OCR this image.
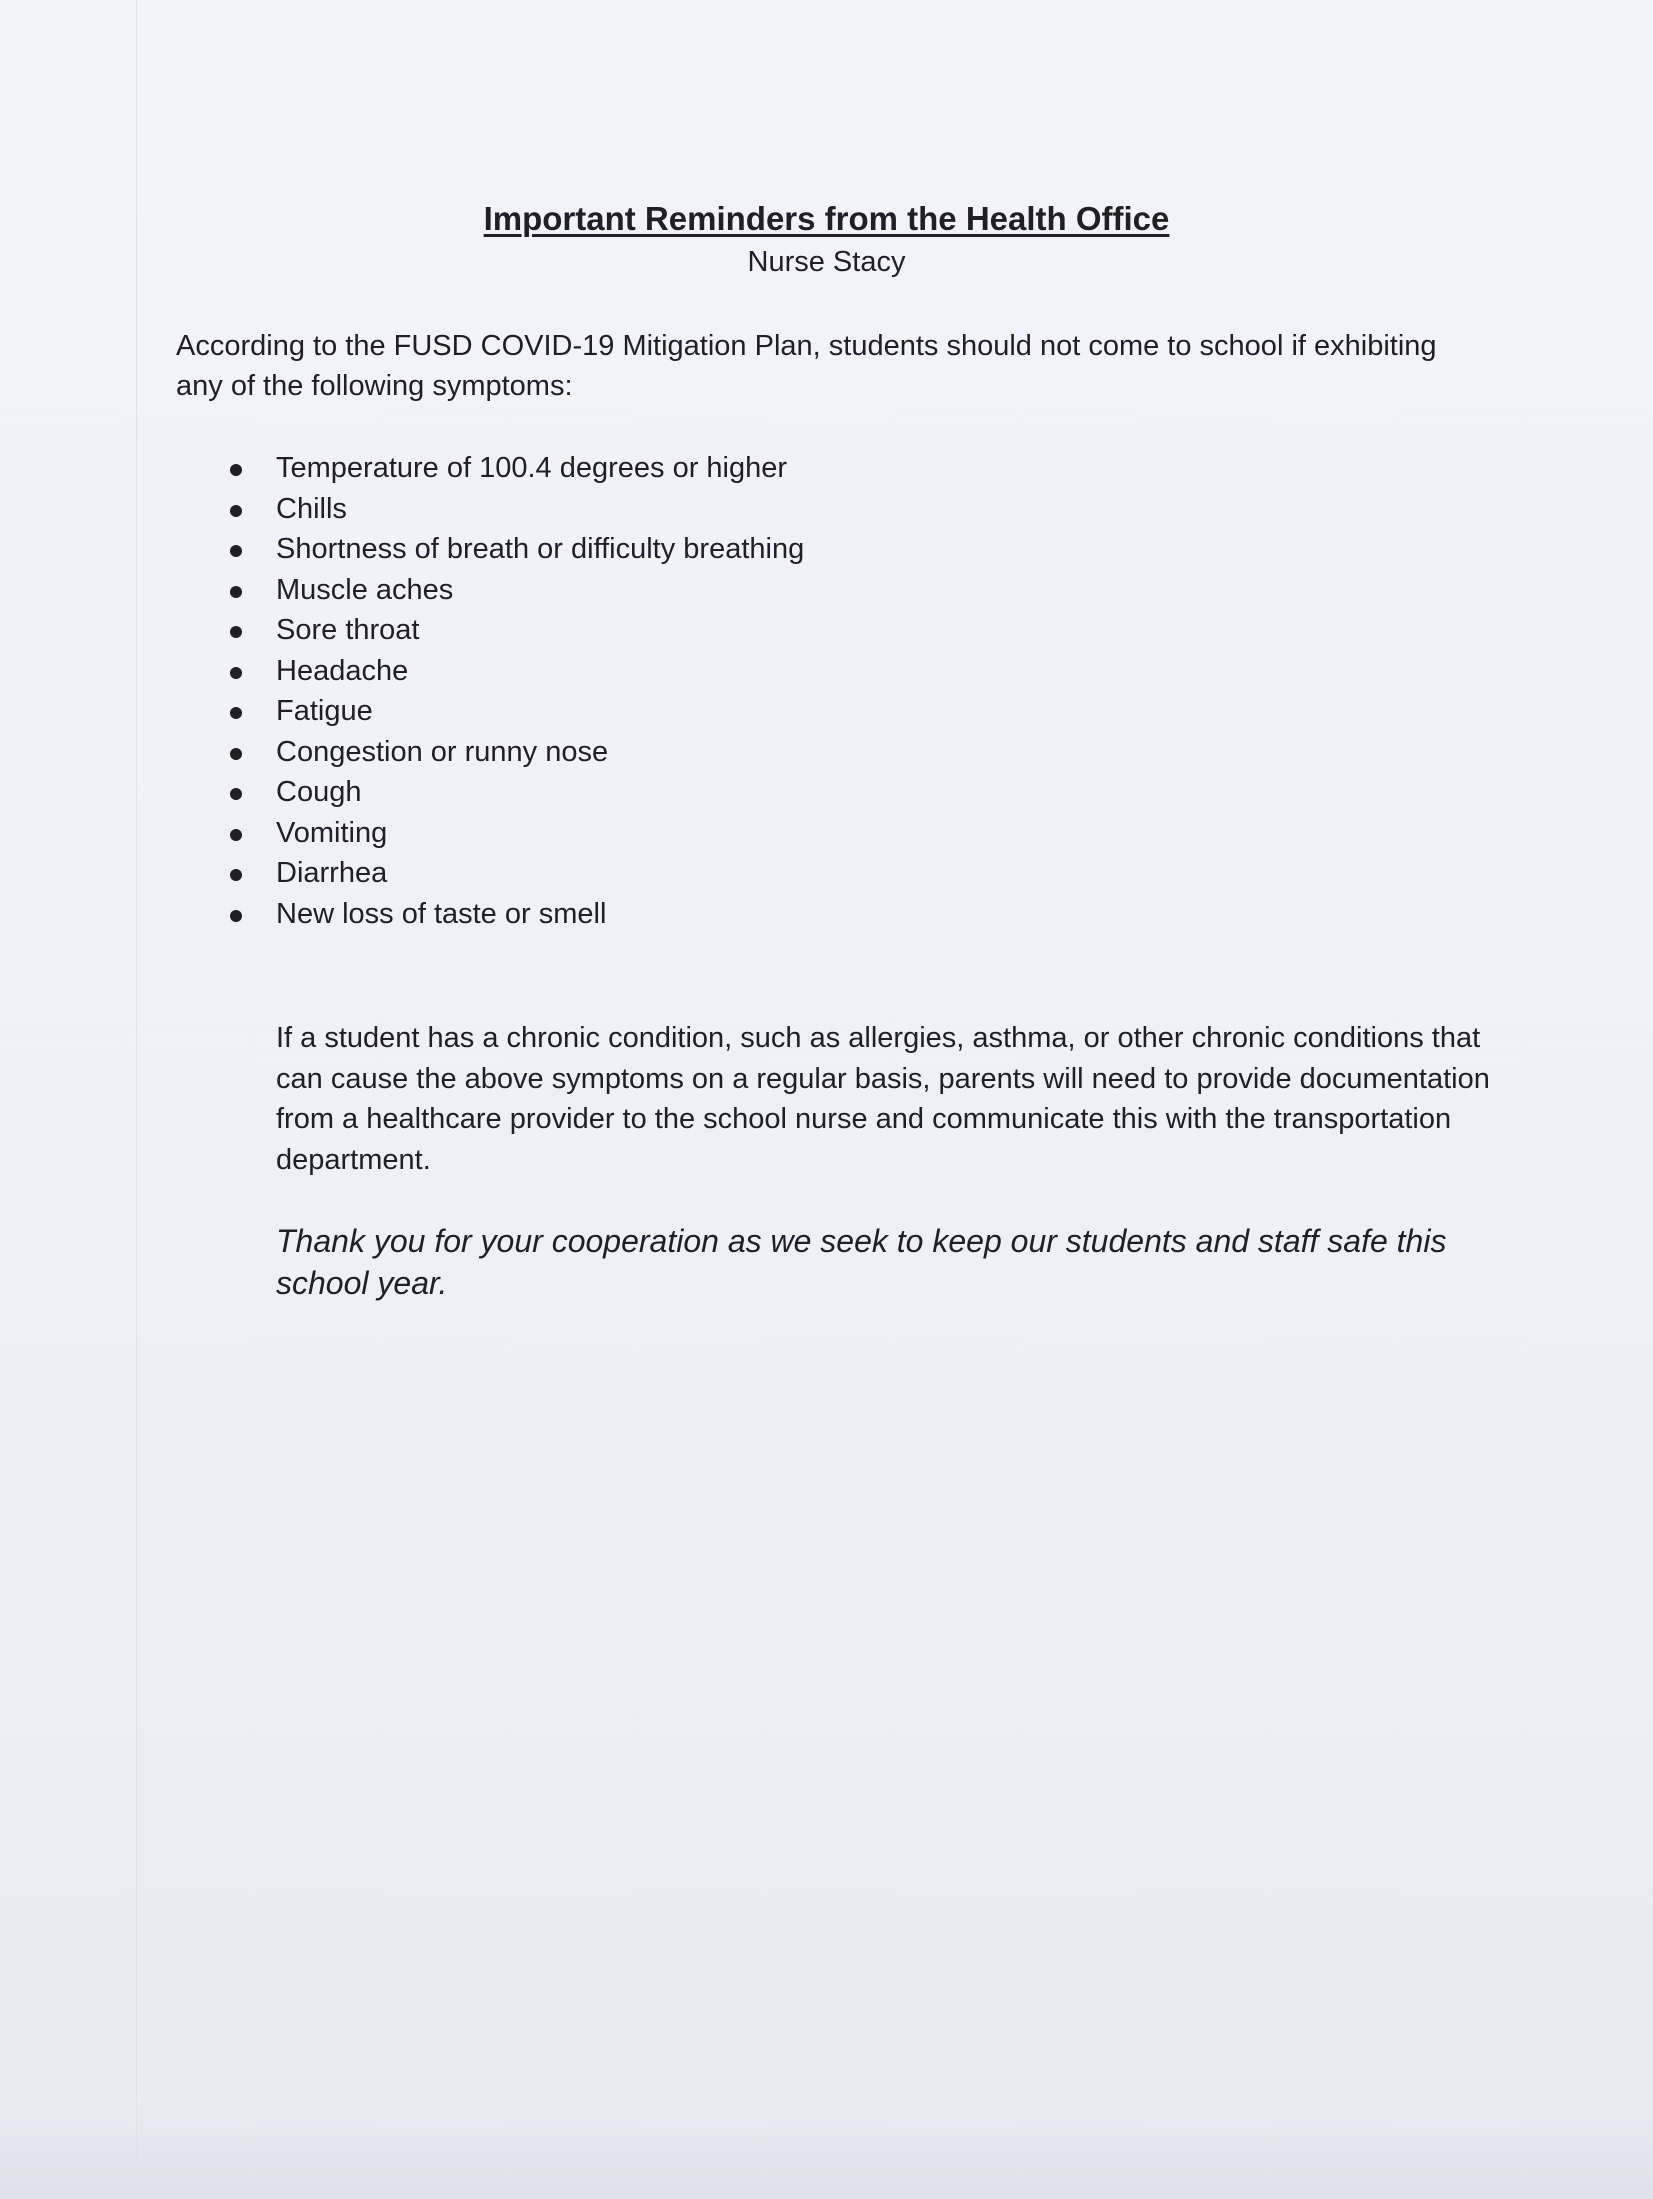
Important Reminders from the Health Office

Nurse Stacy

According to the FUSD COVID-19 Mitigation Plan, students should not come to school if exhibiting any of the following symptoms:

Temperature of 100.4 degrees or higher
Chills
Shortness of breath or difficulty breathing
Muscle aches
Sore throat
Headache
Fatigue
Congestion or runny nose
Cough
Vomiting
Diarrhea
New loss of taste or smell

If a student has a chronic condition, such as allergies, asthma, or other chronic conditions that can cause the above symptoms on a regular basis, parents will need to provide documentation from a healthcare provider to the school nurse and communicate this with the transportation department.

Thank you for your cooperation as we seek to keep our students and staff safe this school year.
